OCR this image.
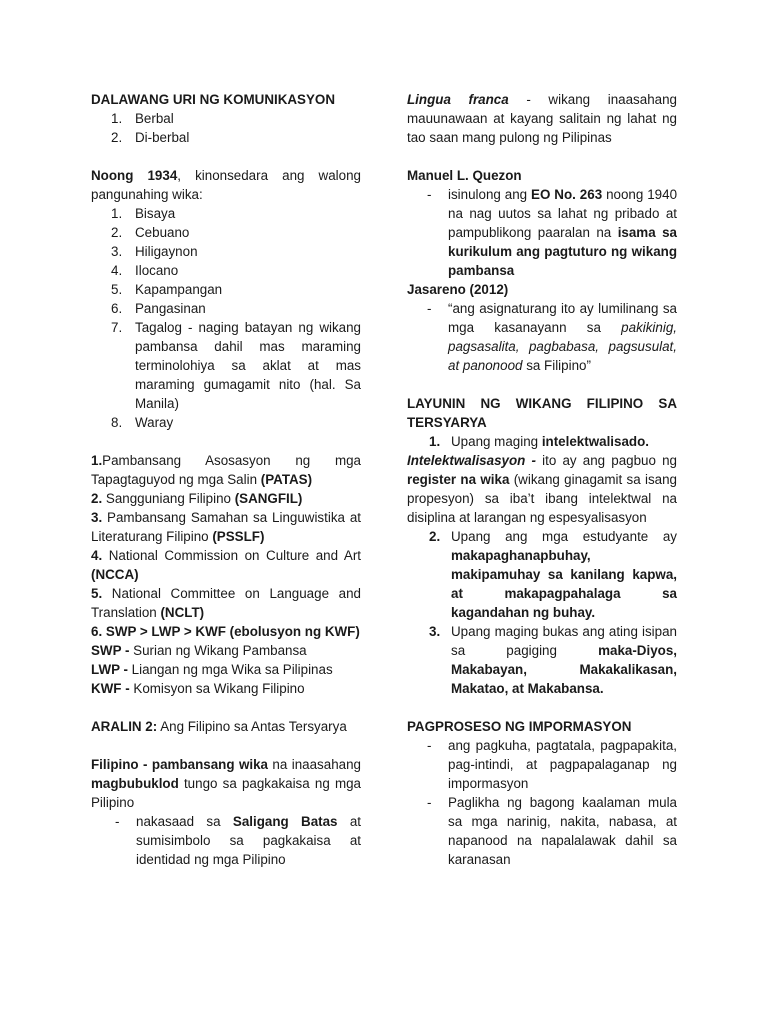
DALAWANG URI NG KOMUNIKASYON

1. Berbal
2. Di-berbal

Noong 1934, kinonsedara ang walong pangunahing wika:

1. Bisaya
2. Cebuano
3. Hiligaynon
4. Ilocano
5. Kapampangan
6. Pangasinan
7. Tagalog - naging batayan ng wikang pambansa dahil mas maraming terminolohiya sa aklat at mas maraming gumagamit nito (hal. Sa Manila)
8. Waray

1.Pambansang Asosasyon ng mga Tapagtaguyod ng mga Salin (PATAS)

2. Sangguniang Filipino (SANGFIL)

3. Pambansang Samahan sa Linguwistika at Literaturang Filipino (PSSLF)

4. National Commission on Culture and Art (NCCA)

5. National Committee on Language and Translation (NCLT)

6. SWP > LWP > KWF (ebolusyon ng KWF)

SWP - Surian ng Wikang Pambansa

LWP - Liangan ng mga Wika sa Pilipinas

KWF - Komisyon sa Wikang Filipino

ARALIN 2: Ang Filipino sa Antas Tersyarya

Filipino - pambansang wika na inaasahang magbubuklod tungo sa pagkakaisa ng mga Pilipino

- nakasaad sa Saligang Batas at sumisimbolo sa pagkakaisa at identidad ng mga Pilipino

Lingua franca - wikang inaasahang mauunawaan at kayang salitain ng lahat ng tao saan mang pulong ng Pilipinas

Manuel L. Quezon

- isinulong ang EO No. 263 noong 1940 na nag uutos sa lahat ng pribado at pampublikong paaralan na isama sa kurikulum ang pagtuturo ng wikang pambansa

Jasareno (2012)

- “ang asignaturang ito ay lumilinang sa mga kasanayann sa pakikinig, pagsasalita, pagbabasa, pagsusulat, at panonood sa Filipino”

LAYUNIN NG WIKANG FILIPINO SA TERSYARYA

1. Upang maging intelektwalisado.

Intelektwalisasyon - ito ay ang pagbuo ng register na wika (wikang ginagamit sa isang propesyon) sa iba’t ibang intelektwal na disiplina at larangan ng espesyalisasyon

2. Upang ang mga estudyante ay makapaghanapbuhay, makipamuhay sa kanilang kapwa, at makapagpahalaga sa kagandahan ng buhay.
3. Upang maging bukas ang ating isipan sa pagiging maka-Diyos, Makabayan, Makakalikasan, Makatao, at Makabansa.

PAGPROSESO NG IMPORMASYON

- ang pagkuha, pagtatala, pagpapakita, pag-intindi, at pagpapalaganap ng impormasyon
- Paglikha ng bagong kaalaman mula sa mga narinig, nakita, nabasa, at napanood na napalalawak dahil sa karanasan
